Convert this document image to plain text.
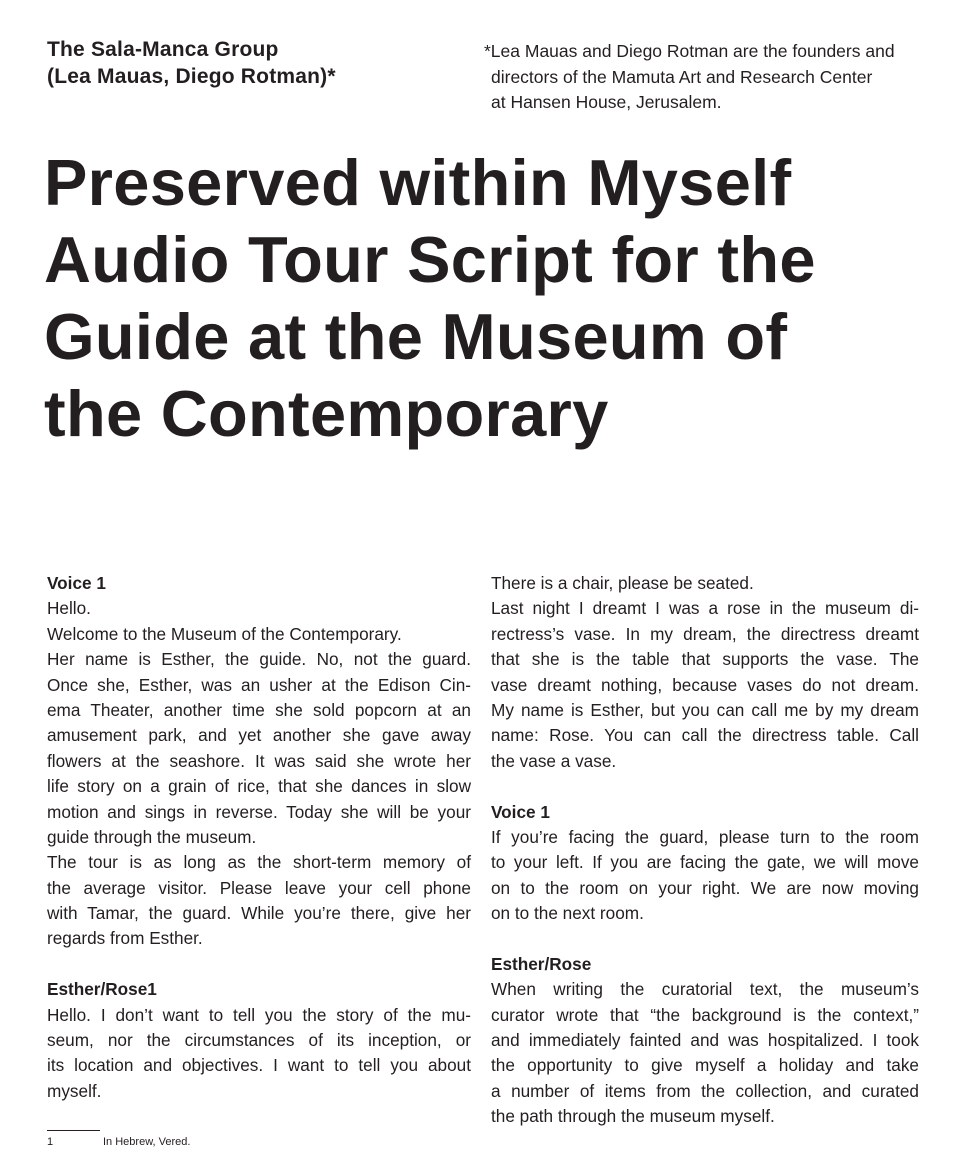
The Sala-Manca Group
(Lea Mauas, Diego Rotman)*
*Lea Mauas and Diego Rotman are the founders and
directors of the Mamuta Art and Research Center
at Hansen House, Jerusalem.
Preserved within Myself
Audio Tour Script for the
Guide at the Museum of
the Contemporary
Voice 1
Hello.
Welcome to the Museum of the Contemporary.
Her name is Esther, the guide. No, not the guard.
Once she, Esther, was an usher at the Edison Cin-
ema Theater, another time she sold popcorn at an
amusement park, and yet another she gave away
flowers at the seashore. It was said she wrote her
life story on a grain of rice, that she dances in slow
motion and sings in reverse. Today she will be your
guide through the museum.
The tour is as long as the short-term memory of
the average visitor. Please leave your cell phone
with Tamar, the guard. While you’re there, give her
regards from Esther.
Esther/Rose1
Hello. I don’t want to tell you the story of the mu-
seum, nor the circumstances of its inception, or
its location and objectives. I want to tell you about
myself.
There is a chair, please be seated.
Last night I dreamt I was a rose in the museum di-
rectress’s vase. In my dream, the directress dreamt
that she is the table that supports the vase. The
vase dreamt nothing, because vases do not dream.
My name is Esther, but you can call me by my dream
name: Rose. You can call the directress table. Call
the vase a vase.
Voice 1
If you’re facing the guard, please turn to the room
to your left. If you are facing the gate, we will move
on to the room on your right. We are now moving
on to the next room.
Esther/Rose
When writing the curatorial text, the museum’s
curator wrote that “the background is the context,”
and immediately fainted and was hospitalized. I took
the opportunity to give myself a holiday and take
a number of items from the collection, and curated
the path through the museum myself.
1	In Hebrew, Vered.
